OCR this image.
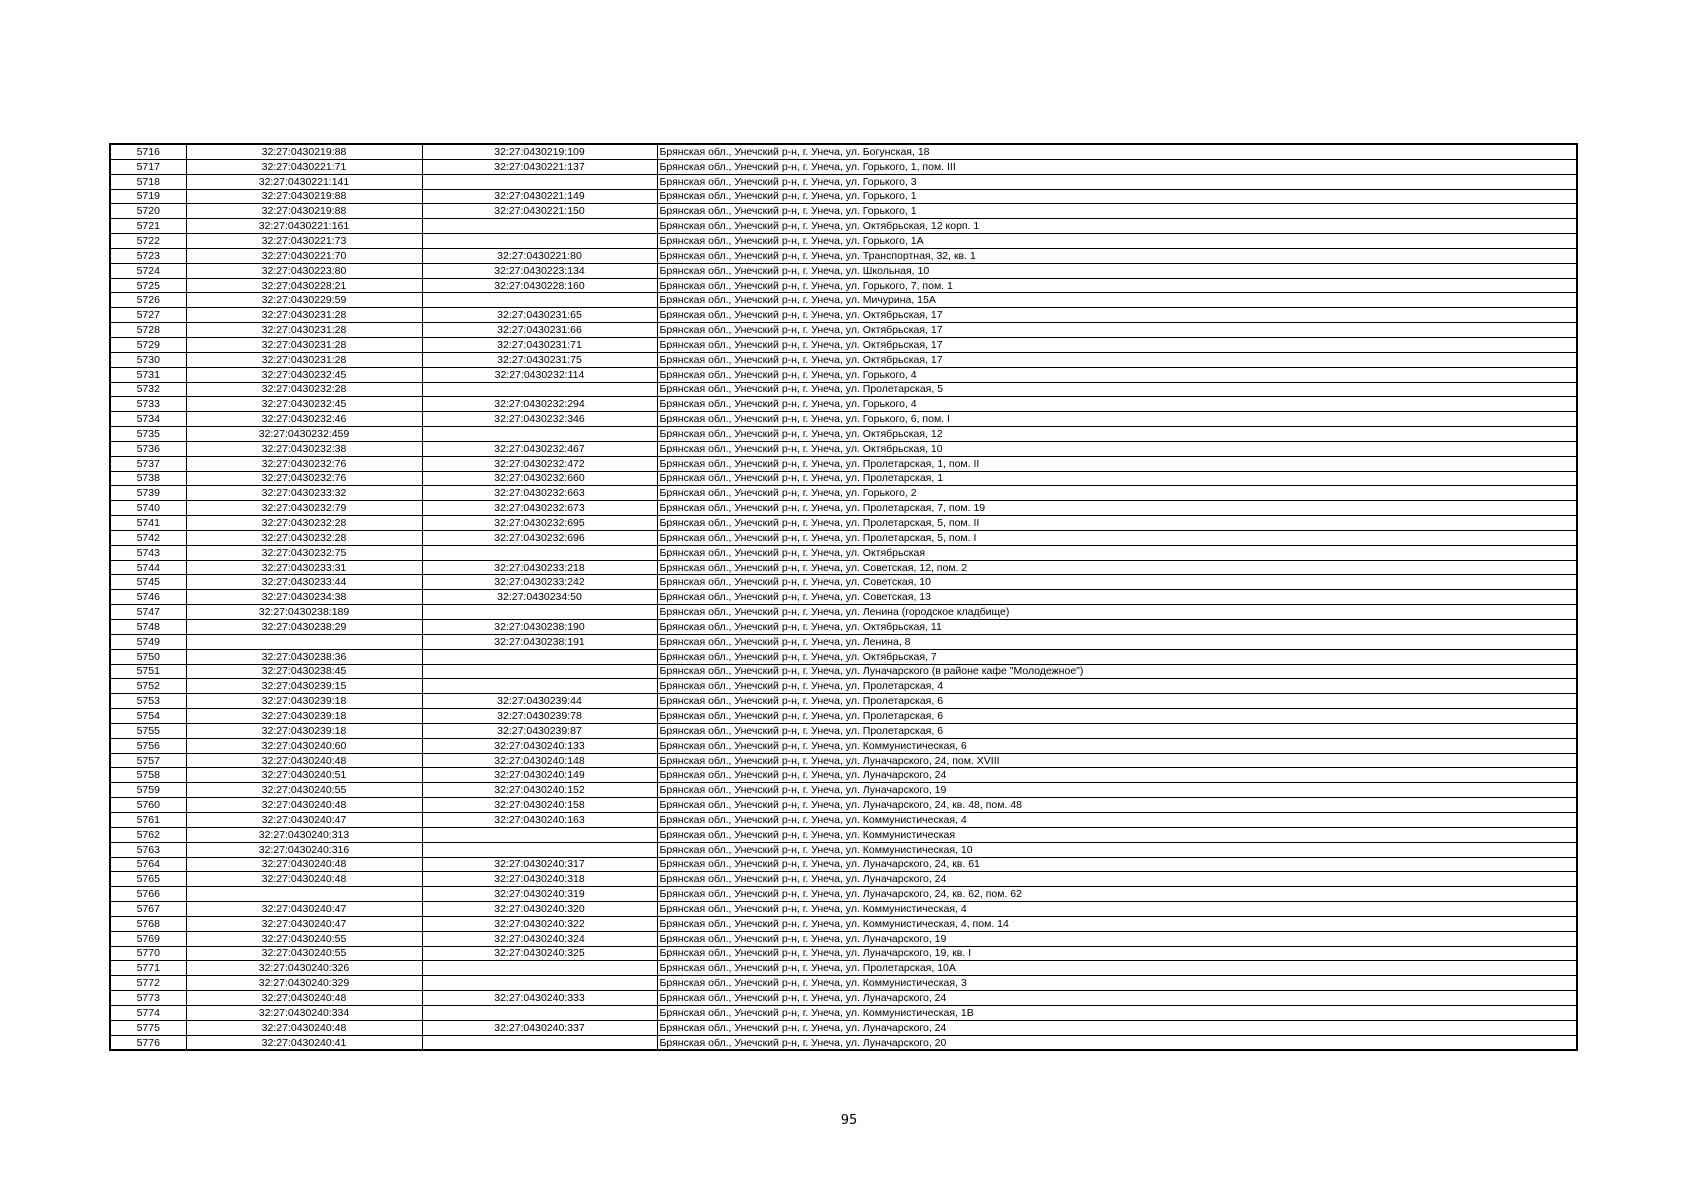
5716	32:27:0430219:88	32:27:0430219:109	Брянская обл., Унечский р-н, г. Унеча, ул. Богунская, 18
5717	32:27:0430221:71	32:27:0430221:137	Брянская обл., Унечский р-н, г. Унеча, ул. Горького, 1, пом. III
5718	32:27:0430221:141		Брянская обл., Унечский р-н, г. Унеча, ул. Горького, 3
5719	32:27:0430219:88	32:27:0430221:149	Брянская обл., Унечский р-н, г. Унеча, ул. Горького, 1
5720	32:27:0430219:88	32:27:0430221:150	Брянская обл., Унечский р-н, г. Унеча, ул. Горького, 1
5721	32:27:0430221:161		Брянская обл., Унечский р-н, г. Унеча, ул. Октябрьская, 12 корп. 1
5722	32:27:0430221:73		Брянская обл., Унечский р-н, г. Унеча, ул. Горького, 1А
5723	32:27:0430221:70	32:27:0430221:80	Брянская обл., Унечский р-н, г. Унеча, ул. Транспортная, 32, кв. 1
5724	32:27:0430223:80	32:27:0430223:134	Брянская обл., Унечский р-н, г. Унеча, ул. Школьная, 10
5725	32:27:0430228:21	32:27:0430228:160	Брянская обл., Унечский р-н, г. Унеча, ул. Горького, 7, пом. 1
5726	32:27:0430229:59		Брянская обл., Унечский р-н, г. Унеча, ул. Мичурина, 15А
5727	32:27:0430231:28	32:27:0430231:65	Брянская обл., Унечский р-н, г. Унеча, ул. Октябрьская, 17
5728	32:27:0430231:28	32:27:0430231:66	Брянская обл., Унечский р-н, г. Унеча, ул. Октябрьская, 17
5729	32:27:0430231:28	32:27:0430231:71	Брянская обл., Унечский р-н, г. Унеча, ул. Октябрьская, 17
5730	32:27:0430231:28	32:27:0430231:75	Брянская обл., Унечский р-н, г. Унеча, ул. Октябрьская, 17
5731	32:27:0430232:45	32:27:0430232:114	Брянская обл., Унечский р-н, г. Унеча, ул. Горького, 4
5732	32:27:0430232:28		Брянская обл., Унечский р-н, г. Унеча, ул. Пролетарская, 5
5733	32:27:0430232:45	32:27:0430232:294	Брянская обл., Унечский р-н, г. Унеча, ул. Горького, 4
5734	32:27:0430232:46	32:27:0430232:346	Брянская обл., Унечский р-н, г. Унеча, ул. Горького, 6, пом. I
5735	32:27:0430232:459		Брянская обл., Унечский р-н, г. Унеча, ул. Октябрьская, 12
5736	32:27:0430232:38	32:27:0430232:467	Брянская обл., Унечский р-н, г. Унеча, ул. Октябрьская, 10
5737	32:27:0430232:76	32:27:0430232:472	Брянская обл., Унечский р-н, г. Унеча, ул. Пролетарская, 1, пом. II
5738	32:27:0430232:76	32:27:0430232:660	Брянская обл., Унечский р-н, г. Унеча, ул. Пролетарская, 1
5739	32:27:0430233:32	32:27:0430232:663	Брянская обл., Унечский р-н, г. Унеча, ул. Горького, 2
5740	32:27:0430232:79	32:27:0430232:673	Брянская обл., Унечский р-н, г. Унеча, ул. Пролетарская, 7, пом. 19
5741	32:27:0430232:28	32:27:0430232:695	Брянская обл., Унечский р-н, г. Унеча, ул. Пролетарская, 5, пом. II
5742	32:27:0430232:28	32:27:0430232:696	Брянская обл., Унечский р-н, г. Унеча, ул. Пролетарская, 5, пом. I
5743	32:27:0430232:75		Брянская обл., Унечский р-н, г. Унеча, ул. Октябрьская
5744	32:27:0430233:31	32:27:0430233:218	Брянская обл., Унечский р-н, г. Унеча, ул. Советская, 12, пом. 2
5745	32:27:0430233:44	32:27:0430233:242	Брянская обл., Унечский р-н, г. Унеча, ул. Советская, 10
5746	32:27:0430234:38	32:27:0430234:50	Брянская обл., Унечский р-н, г. Унеча, ул. Советская, 13
5747	32:27:0430238:189		Брянская обл., Унечский р-н, г. Унеча, ул. Ленина (городское кладбище)
5748	32:27:0430238:29	32:27:0430238:190	Брянская обл., Унечский р-н, г. Унеча, ул. Октябрьская, 11
5749		32:27:0430238:191	Брянская обл., Унечский р-н, г. Унеча, ул. Ленина, 8
5750	32:27:0430238:36		Брянская обл., Унечский р-н, г. Унеча, ул. Октябрьская, 7
5751	32:27:0430238:45		Брянская обл., Унечский р-н, г. Унеча, ул. Луначарского (в районе кафе "Молодежное")
5752	32:27:0430239:15		Брянская обл., Унечский р-н, г. Унеча, ул. Пролетарская, 4
5753	32:27:0430239:18	32:27:0430239:44	Брянская обл., Унечский р-н, г. Унеча, ул. Пролетарская, 6
5754	32:27:0430239:18	32:27:0430239:78	Брянская обл., Унечский р-н, г. Унеча, ул. Пролетарская, 6
5755	32:27:0430239:18	32:27:0430239:87	Брянская обл., Унечский р-н, г. Унеча, ул. Пролетарская, 6
5756	32:27:0430240:60	32:27:0430240:133	Брянская обл., Унечский р-н, г. Унеча, ул. Коммунистическая, 6
5757	32:27:0430240:48	32:27:0430240:148	Брянская обл., Унечский р-н, г. Унеча, ул. Луначарского, 24, пом. XVIII
5758	32:27:0430240:51	32:27:0430240:149	Брянская обл., Унечский р-н, г. Унеча, ул. Луначарского, 24
5759	32:27:0430240:55	32:27:0430240:152	Брянская обл., Унечский р-н, г. Унеча, ул. Луначарского, 19
5760	32:27:0430240:48	32:27:0430240:158	Брянская обл., Унечский р-н, г. Унеча, ул. Луначарского, 24, кв. 48, пом. 48
5761	32:27:0430240:47	32:27:0430240:163	Брянская обл., Унечский р-н, г. Унеча, ул. Коммунистическая, 4
5762	32:27:0430240:313		Брянская обл., Унечский р-н, г. Унеча, ул. Коммунистическая
5763	32:27:0430240:316		Брянская обл., Унечский р-н, г. Унеча, ул. Коммунистическая, 10
5764	32:27:0430240:48	32:27:0430240:317	Брянская обл., Унечский р-н, г. Унеча, ул. Луначарского, 24, кв. 61
5765	32:27:0430240:48	32:27:0430240:318	Брянская обл., Унечский р-н, г. Унеча, ул. Луначарского, 24
5766		32:27:0430240:319	Брянская обл., Унечский р-н, г. Унеча, ул. Луначарского, 24, кв. 62, пом. 62
5767	32:27:0430240:47	32:27:0430240:320	Брянская обл., Унечский р-н, г. Унеча, ул. Коммунистическая, 4
5768	32:27:0430240:47	32:27:0430240:322	Брянская обл., Унечский р-н, г. Унеча, ул. Коммунистическая, 4, пом. 14
5769	32:27:0430240:55	32:27:0430240:324	Брянская обл., Унечский р-н, г. Унеча, ул. Луначарского, 19
5770	32:27:0430240:55	32:27:0430240:325	Брянская обл., Унечский р-н, г. Унеча, ул. Луначарского, 19, кв. I
5771	32:27:0430240:326		Брянская обл., Унечский р-н, г. Унеча, ул. Пролетарская, 10А
5772	32:27:0430240:329		Брянская обл., Унечский р-н, г. Унеча, ул. Коммунистическая, 3
5773	32:27:0430240:48	32:27:0430240:333	Брянская обл., Унечский р-н, г. Унеча, ул. Луначарского, 24
5774	32:27:0430240:334		Брянская обл., Унечский р-н, г. Унеча, ул. Коммунистическая, 1В
5775	32:27:0430240:48	32:27:0430240:337	Брянская обл., Унечский р-н, г. Унеча, ул. Луначарского, 24
5776	32:27:0430240:41		Брянская обл., Унечский р-н, г. Унеча, ул. Луначарского, 20
95
